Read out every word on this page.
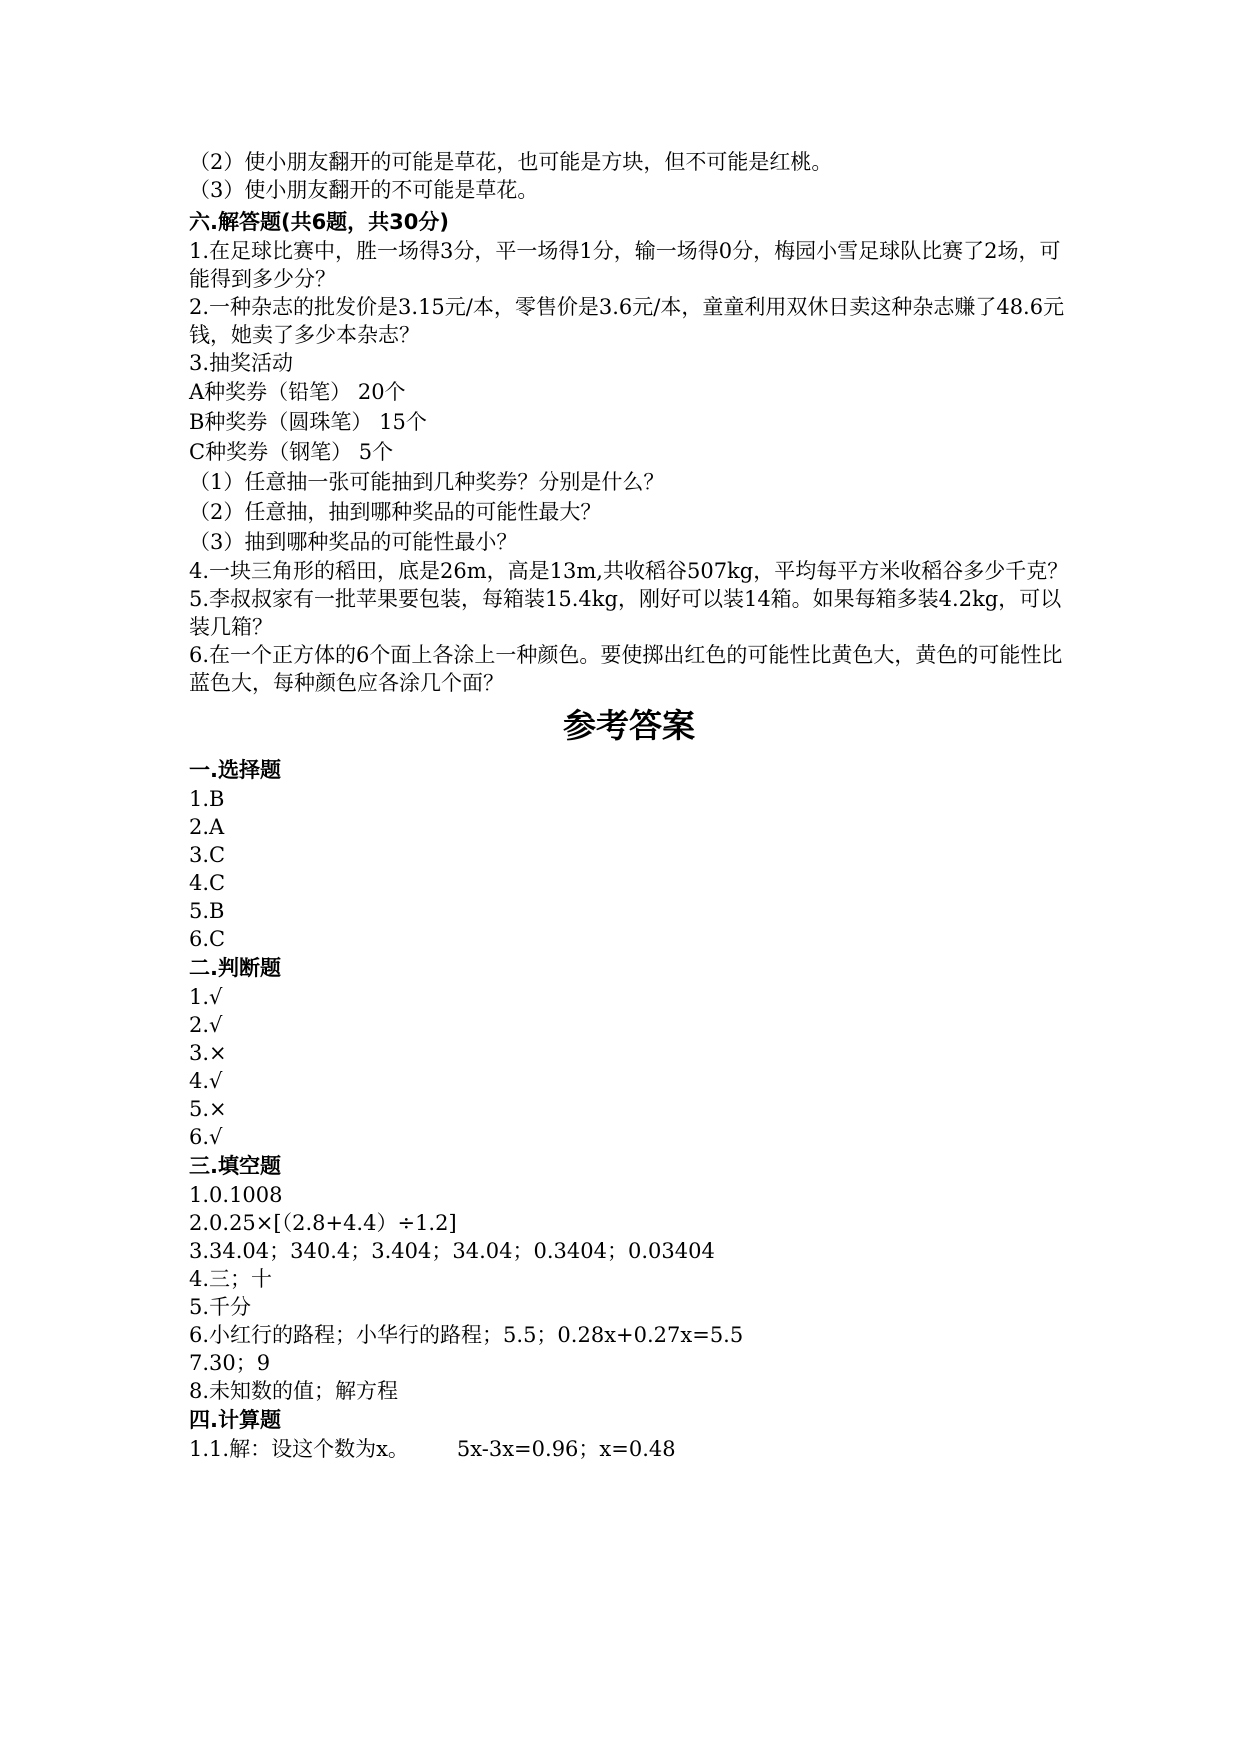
（2）使小朋友翻开的可能是草花，也可能是方块，但不可能是红桃。
（3）使小朋友翻开的不可能是草花。
六.解答题(共6题，共30分)
1.在足球比赛中，胜一场得3分，平一场得1分，输一场得0分，梅园小雪足球队比赛了2场，可能得到多少分？
2.一种杂志的批发价是3.15元/本，零售价是3.6元/本，童童利用双休日卖这种杂志赚了48.6元钱，她卖了多少本杂志？
3.抽奖活动
A种奖券（铅笔） 20个
B种奖券（圆珠笔） 15个
C种奖券（钢笔） 5个
（1）任意抽一张可能抽到几种奖券？分别是什么？
（2）任意抽，抽到哪种奖品的可能性最大？
（3）抽到哪种奖品的可能性最小？
4.一块三角形的稻田，底是26m，高是13m,共收稻谷507kg，平均每平方米收稻谷多少千克？
5.李叔叔家有一批苹果要包装，每箱装15.4kg，刚好可以装14箱。如果每箱多装4.2kg，可以装几箱？
6.在一个正方体的6个面上各涂上一种颜色。要使掷出红色的可能性比黄色大，黄色的可能性比蓝色大，每种颜色应各涂几个面？
参考答案
一.选择题
1.B
2.A
3.C
4.C
5.B
6.C
二.判断题
1.√
2.√
3.×
4.√
5.×
6.√
三.填空题
1.0.1008
2.0.25×[（2.8+4.4）÷1.2]
3.34.04；340.4；3.404；34.04；0.3404；0.03404
4.三；十
5.千分
6.小红行的路程；小华行的路程；5.5；0.28x+0.27x=5.5
7.30；9
8.未知数的值；解方程
四.计算题
1.1.解：设这个数为x。 5x-3x=0.96；x=0.48
